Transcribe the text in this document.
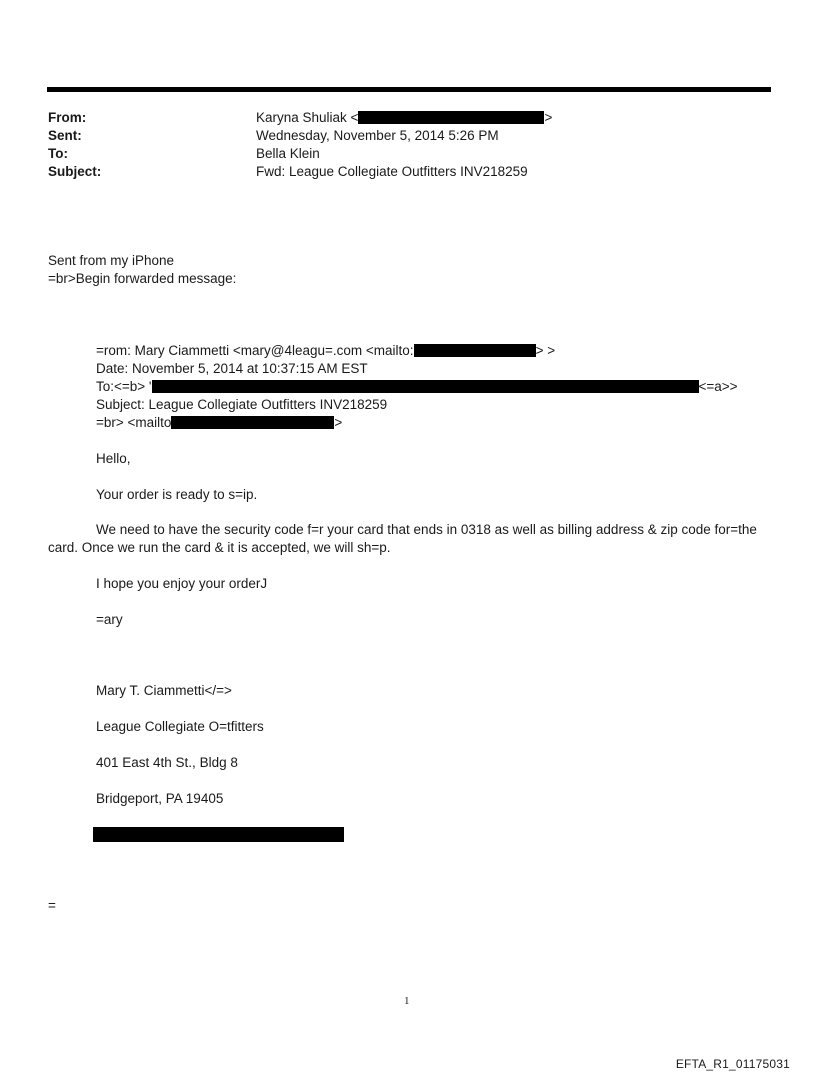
From:	Karyna Shuliak <	>
Sent:	Wednesday, November 5, 2014 5:26 PM
To:	Bella Klein
Subject:	Fwd: League Collegiate Outfitters INV218259
Sent from my iPhone
=br>Begin forwarded message:
=rom: Mary Ciammetti <mary@4leagu=.com <mailto:	> >
Date: November 5, 2014 at 10:37:15 AM EST
To:<=b> '	<=a>>
Subject: League Collegiate Outfitters INV218259
=br> <mailto	>
Hello,
Your order is ready to s=ip.
We need to have the security code f=r your card that ends in 0318 as well as billing address & zip code for=the
card. Once we run the card & it is accepted, we will sh=p.
I hope you enjoy your orderJ
=ary
Mary T. Ciammetti</=>
League Collegiate O=tfitters
401 East 4th St., Bldg 8
Bridgeport, PA 19405
=
1
EFTA_R1_01175031
